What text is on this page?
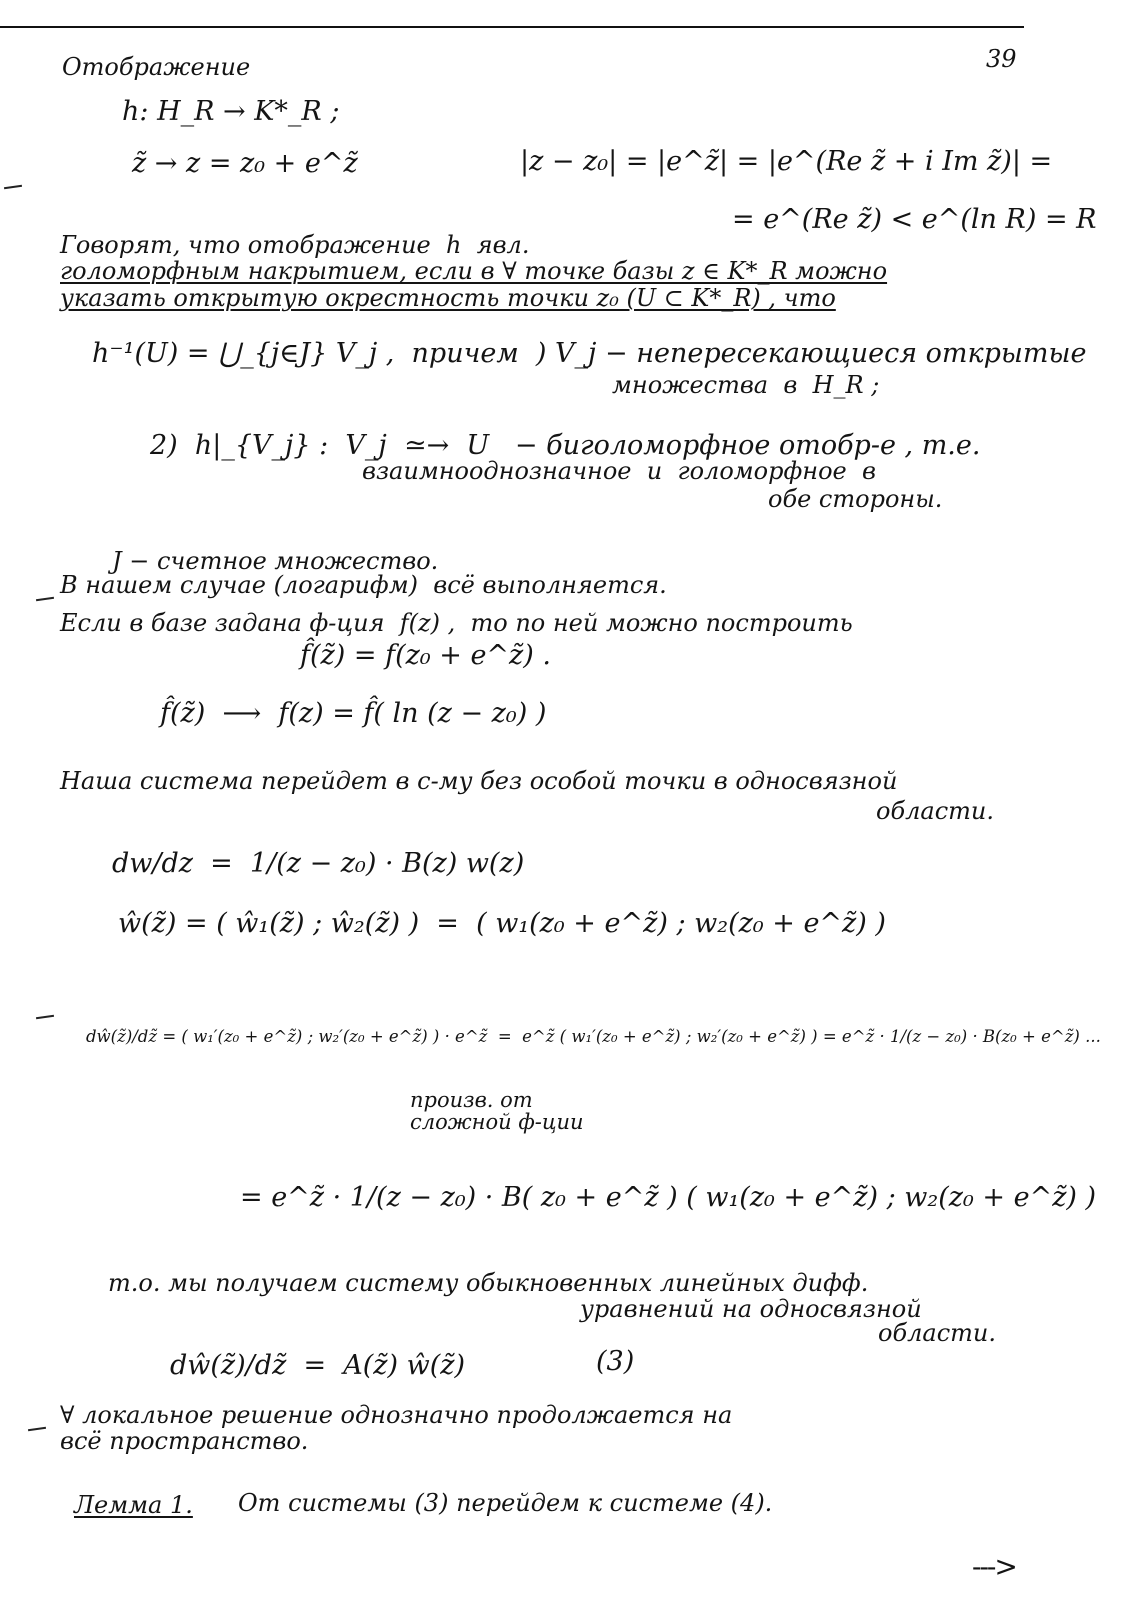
39
Отображение
h: H_R → K*_R ;
z̃ → z = z₀ + e^z̃	|z − z₀| = |e^z̃| = |e^(Re z̃ + i Im z̃)| =
= e^(Re z̃) < e^(ln R) = R
Говорят, что отображение  h  явл.
голоморфным накрытием, если в ∀ точке базы z ∈ K*_R можно
указать открытую окрестность точки z₀ (U ⊂ K*_R) , что
h⁻¹(U) = ⋃_{j∈J} V_j ,  причем  ) V_j − непересекающиеся открытые
множества  в  H_R ;
2)  h|_{V_j} :  V_j  ≃→  U   − биголоморфное отобр-е , т.е.
взаимнооднозначное  и  голоморфное  в
обе стороны.
J − счетное множество.
В нашем случае (логарифм)  всё выполняется.
Если в базе задана ф-ция  f(z) ,  то по ней можно построить
f̂(z̃) = f(z₀ + e^z̃) .
f̂(z̃)  ⟶  f(z) = f̂( ln (z − z₀) )
Наша система перейдет в с-му без особой точки в односвязной
области.
dw/dz  =  1/(z − z₀) · B(z) w(z)
ŵ(z̃) = ( ŵ₁(z̃) ; ŵ₂(z̃) )  =  ( w₁(z₀ + e^z̃) ; w₂(z₀ + e^z̃) )
dŵ(z̃)/dz̃ = ( w₁′(z₀ + e^z̃) ; w₂′(z₀ + e^z̃) ) · e^z̃  =  e^z̃ ( w₁′(z₀ + e^z̃) ; w₂′(z₀ + e^z̃) ) = e^z̃ · 1/(z − z₀) · B(z₀ + e^z̃) ...
произв. от
сложной ф-ции
= e^z̃ · 1/(z − z₀) · B( z₀ + e^z̃ ) ( w₁(z₀ + e^z̃) ; w₂(z₀ + e^z̃) )
т.о. мы получаем систему обыкновенных линейных дифф.
уравнений на односвязной
области.
dŵ(z̃)/dz̃  =  A(z̃) ŵ(z̃)	(3)
∀ локальное решение однозначно продолжается на
всё пространство.
Лемма 1. От системы (3) перейдем к системе (4).
--->
